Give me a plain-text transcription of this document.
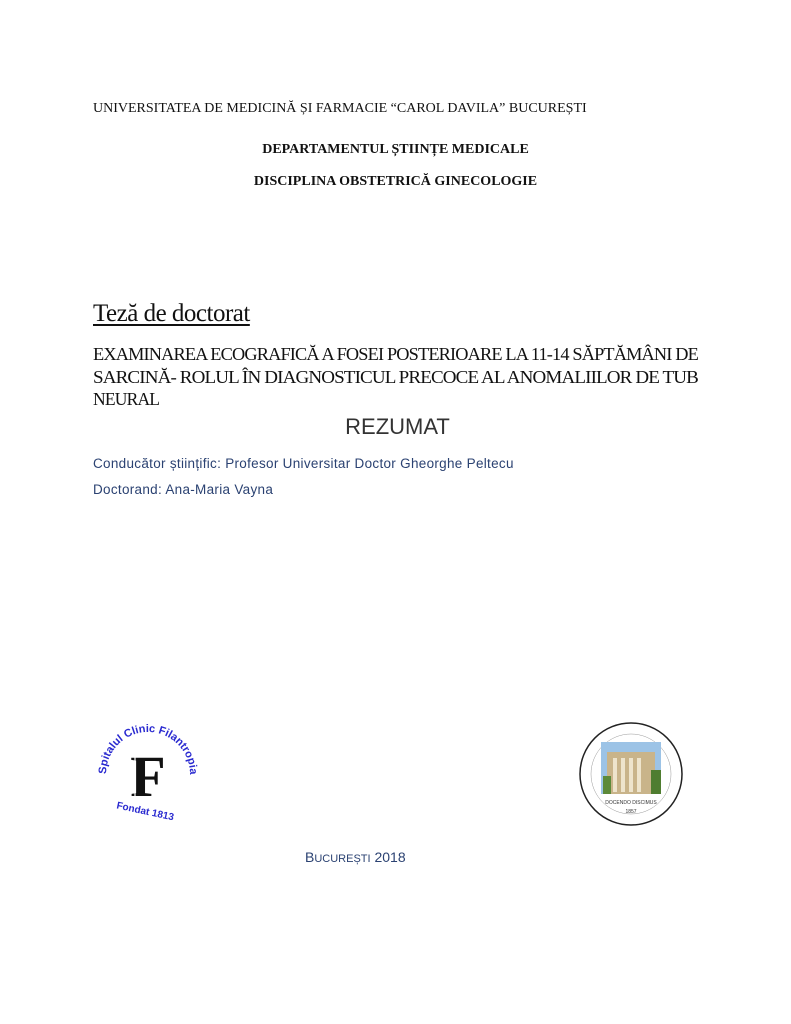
UNIVERSITATEA DE MEDICINĂ ȘI FARMACIE “CAROL DAVILA” BUCUREȘTI
DEPARTAMENTUL ȘTIINȚE MEDICALE
DISCIPLINA OBSTETRICĂ GINECOLOGIE
Teză de doctorat
EXAMINAREA ECOGRAFICĂ A FOSEI POSTERIOARE LA 11-14 SĂPTĂMÂNI DE
SARCINĂ- ROLUL ÎN DIAGNOSTICUL PRECOCE AL ANOMALIILOR DE TUB
NEURAL
REZUMAT
Conducător științific: Profesor Universitar Doctor Gheorghe Peltecu
Doctorand: Ana-Maria Vayna
Spitalul Clinic Filantropia
Fondat 1813
F	DOCENDO DISCIMUS
1857
BUCUREȘTI 2018
